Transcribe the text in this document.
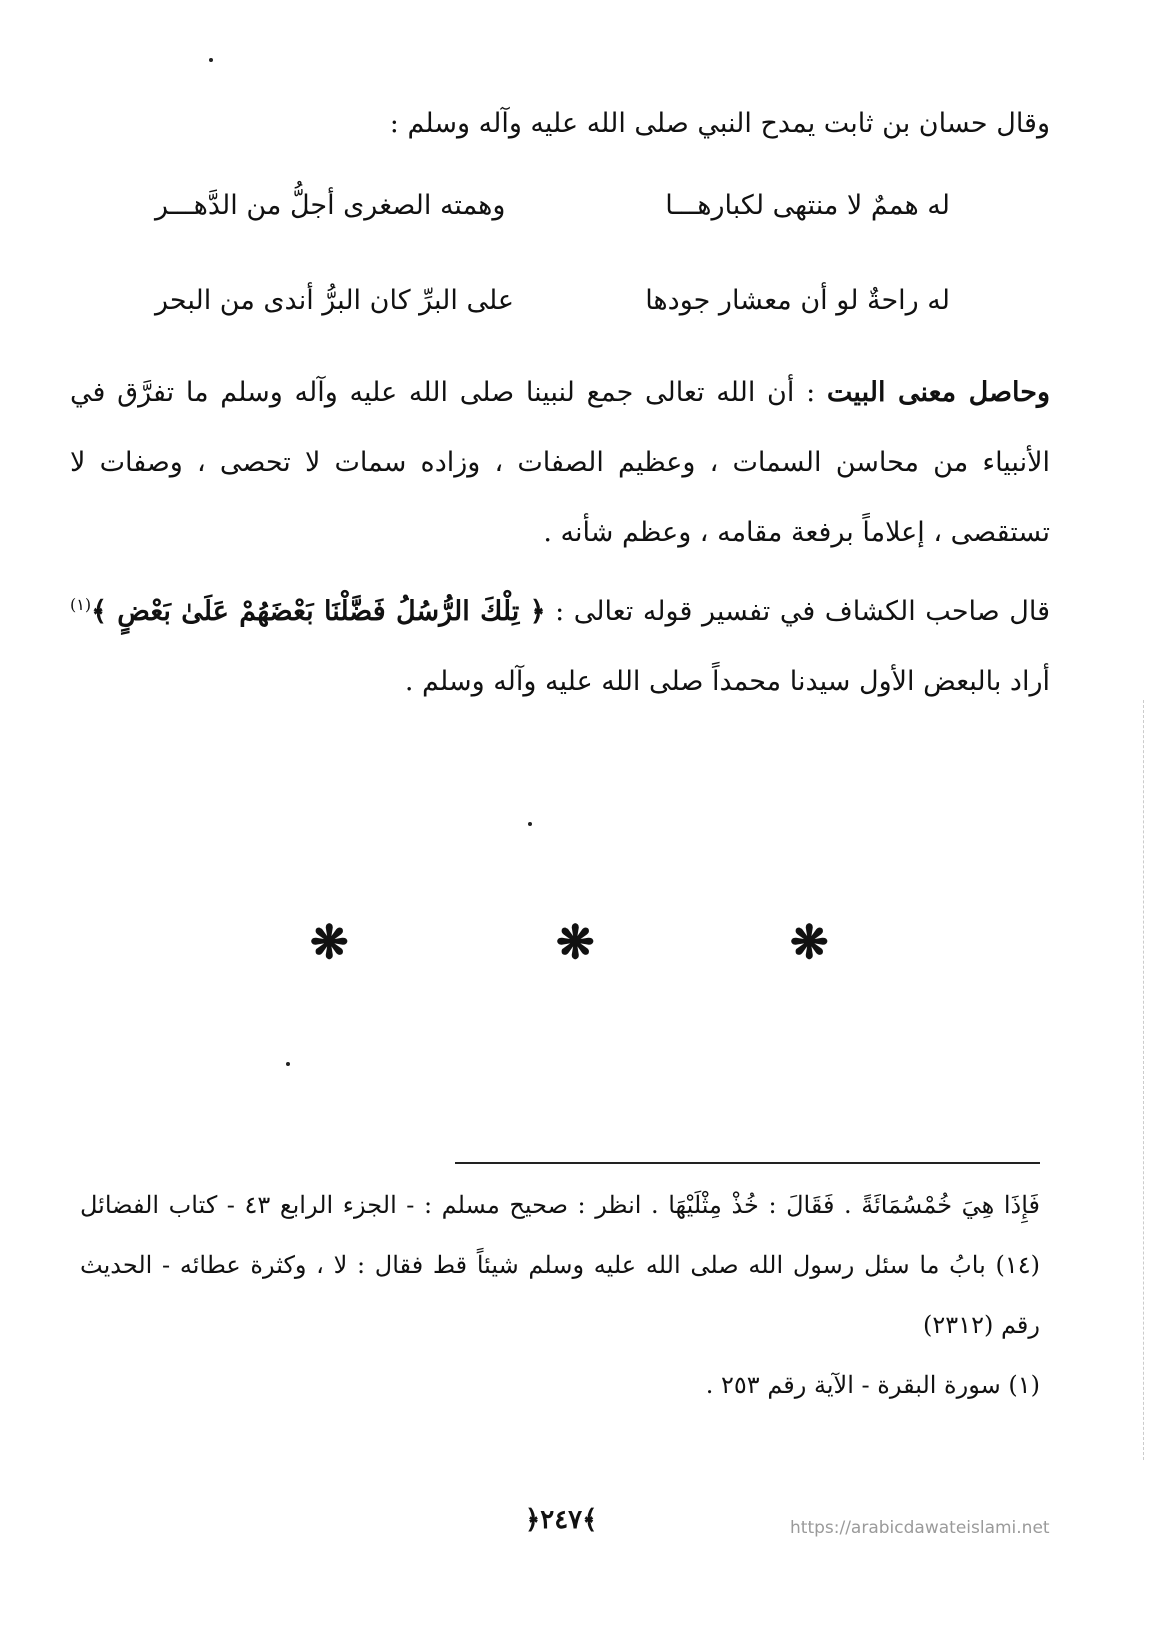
وقال حسان بن ثابت يمدح النبي صلى الله عليه وآله وسلم :
له هممٌ لا منتهى لكبارهـــا
وهمته الصغرى أجلُّ من الدَّهـــر
له راحةٌ لو أن معشار جودها
على البرِّ كان البرُّ أندى من البحر
وحاصل معنى البيت : أن الله تعالى جمع لنبينا صلى الله عليه وآله وسلم ما تفرَّق في الأنبياء من محاسن السمات ، وعظيم الصفات ، وزاده سمات لا تحصى ، وصفات لا تستقصى ، إعلاماً برفعة مقامه ، وعظم شأنه .
قال صاحب الكشاف في تفسير قوله تعالى : ﴿ تِلْكَ الرُّسُلُ فَضَّلْنَا بَعْضَهُمْ عَلَىٰ بَعْضٍ ﴾$^{(١)}$ أراد بالبعض الأول سيدنا محمداً صلى الله عليه وآله وسلم .
❋	❋	❋
فَإِذَا هِيَ خُمْسُمَائَةً . فَقَالَ : خُذْ مِثْلَيْهَا . انظر : صحيح مسلم : - الجزء الرابع ٤٣ - كتاب الفضائل (١٤) بابُ ما سئل رسول الله صلى الله عليه وسلم شيئاً قط فقال : لا ، وكثرة عطائه - الحديث رقم (٢٣١٢)
(١) سورة البقرة - الآية رقم ٢٥٣ .
﴿٢٤٧﴾	https://arabicdawateislami.net
